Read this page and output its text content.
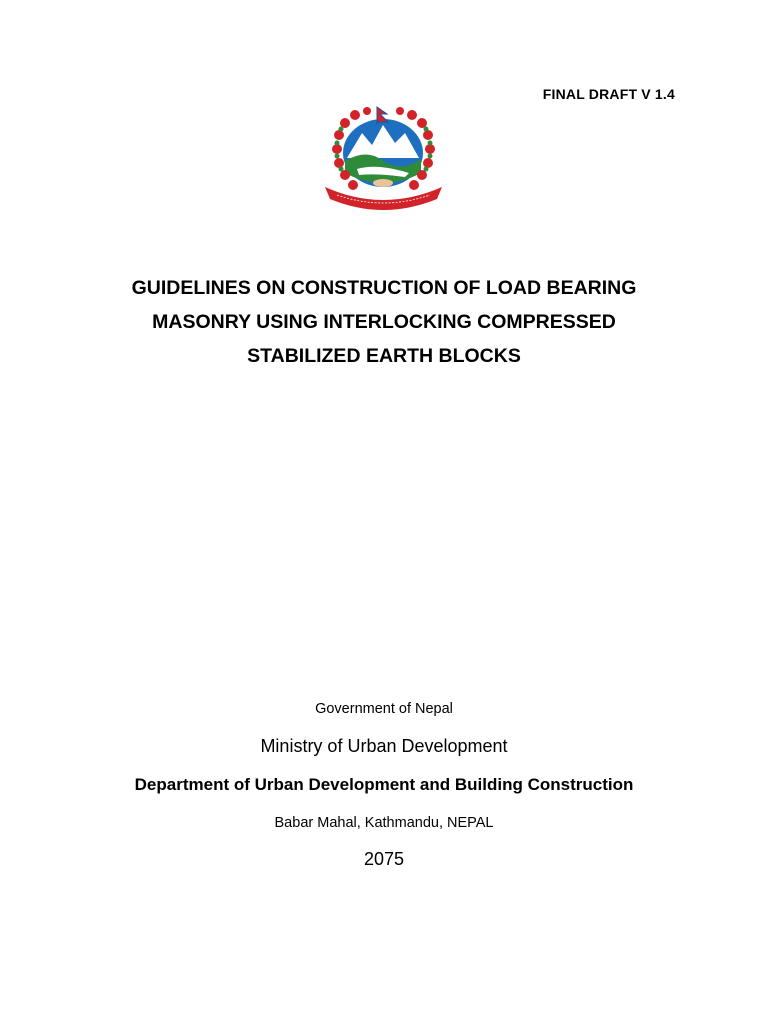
FINAL DRAFT V 1.4
GUIDELINES ON CONSTRUCTION OF LOAD BEARING
MASONRY USING INTERLOCKING COMPRESSED
STABILIZED EARTH BLOCKS
Government of Nepal
Ministry of Urban Development
Department of Urban Development and Building Construction
Babar Mahal, Kathmandu, NEPAL
2075
